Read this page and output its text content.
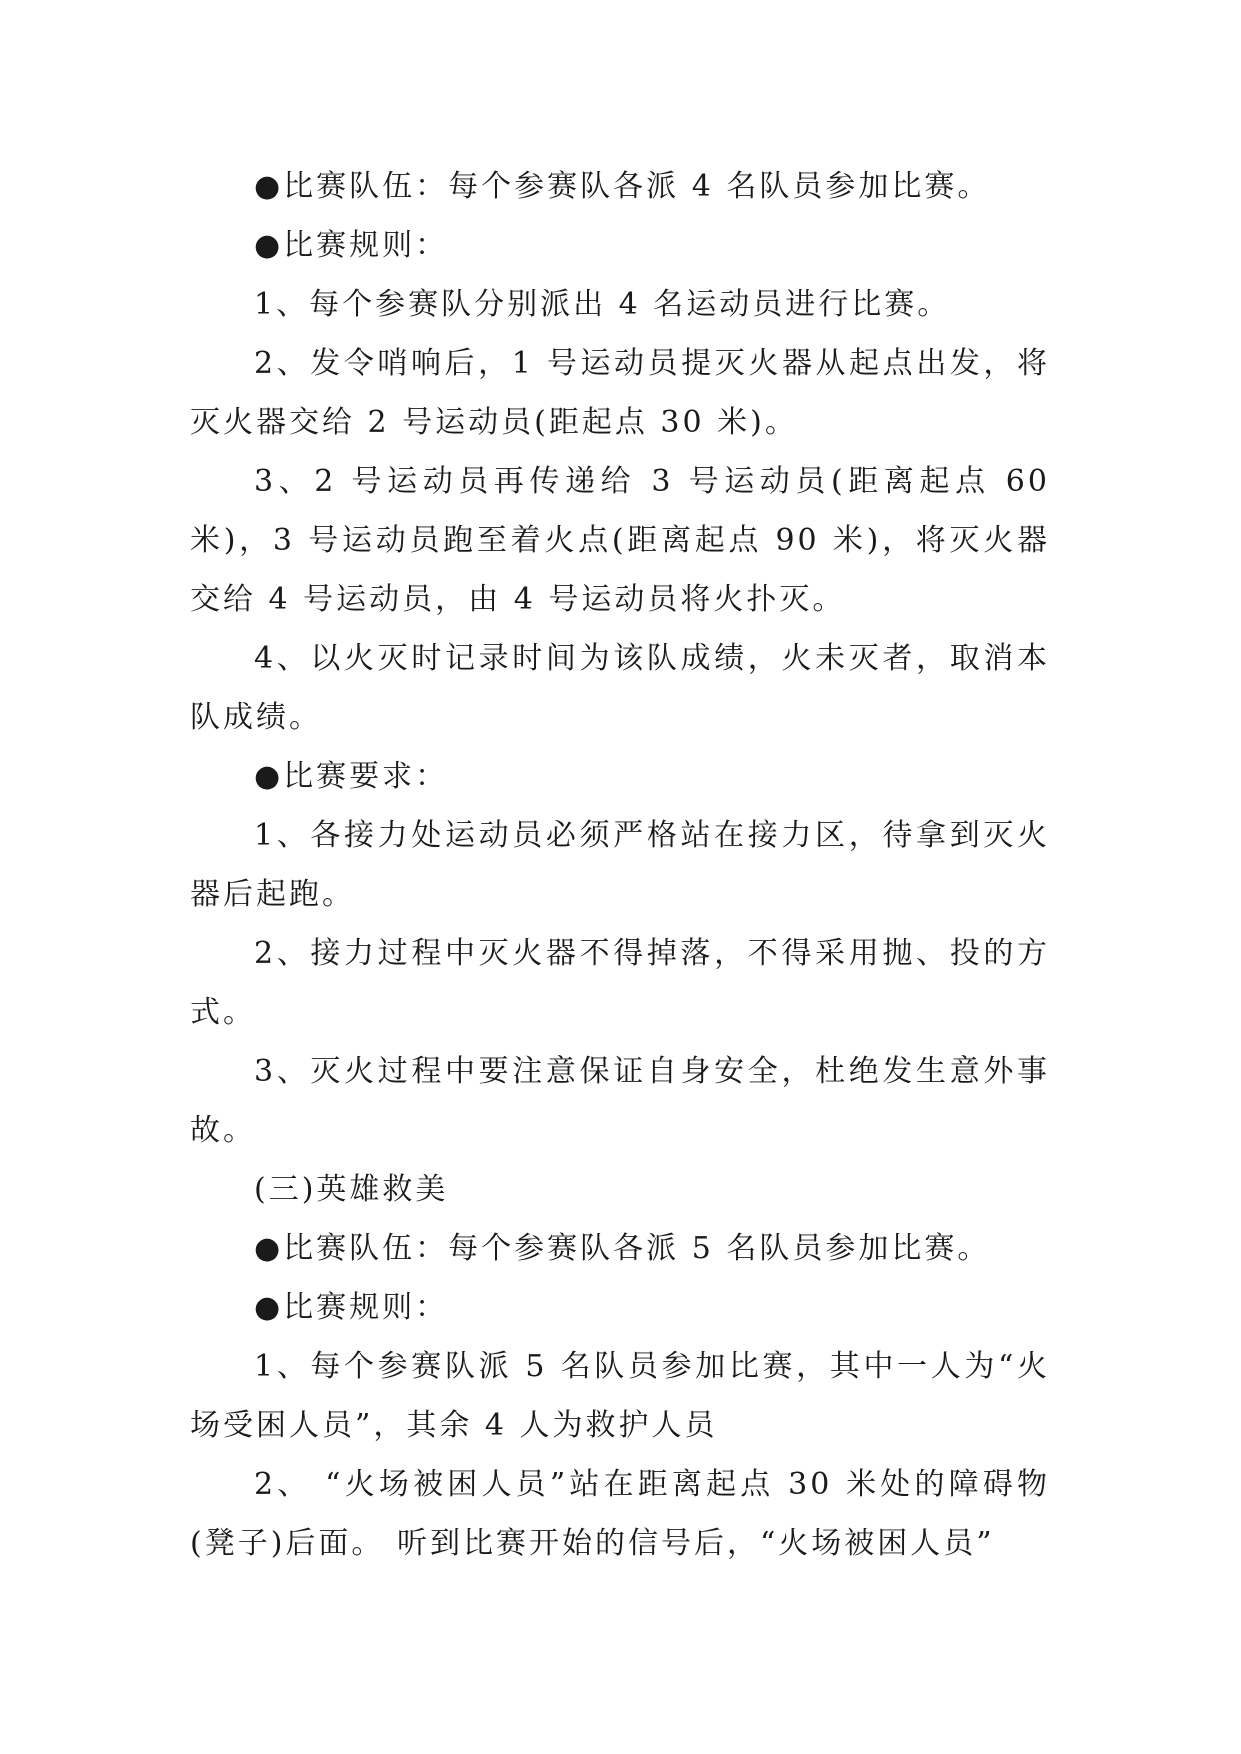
●比赛队伍：每个参赛队各派 4 名队员参加比赛。

●比赛规则：

1、每个参赛队分别派出 4 名运动员进行比赛。

2、发令哨响后，1 号运动员提灭火器从起点出发，将灭火器交给 2 号运动员(距起点 30 米)。

3、2 号运动员再传递给 3 号运动员(距离起点 60 米)，3 号运动员跑至着火点(距离起点 90 米)，将灭火器交给 4 号运动员，由 4 号运动员将火扑灭。

4、以火灭时记录时间为该队成绩，火未灭者，取消本队成绩。

●比赛要求：

1、各接力处运动员必须严格站在接力区，待拿到灭火器后起跑。

2、接力过程中灭火器不得掉落，不得采用抛、投的方式。

3、灭火过程中要注意保证自身安全，杜绝发生意外事故。

(三)英雄救美

●比赛队伍：每个参赛队各派 5 名队员参加比赛。

●比赛规则：

1、每个参赛队派 5 名队员参加比赛，其中一人为“火场受困人员”，其余 4 人为救护人员

2、 “火场被困人员”站在距离起点 30 米处的障碍物(凳子)后面。 听到比赛开始的信号后，“火场被困人员”
